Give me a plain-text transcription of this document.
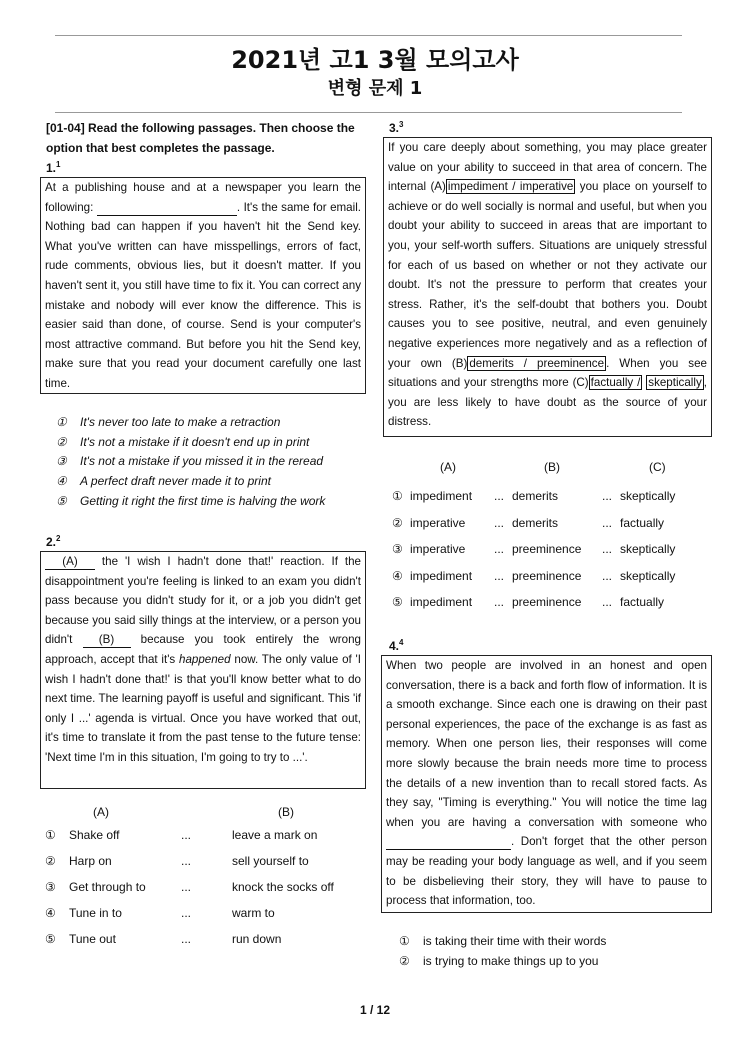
2021년 고1 3월 모의고사
변형 문제 1
[01-04] Read the following passages. Then choose the option that best completes the passage.
1.$^1$

At a publishing house and at a newspaper you learn the following:	. It's the same for email. Nothing bad can happen if you haven't hit the Send key. What you've written can have misspellings, errors of fact, rude comments, obvious lies, but it doesn't matter. If you haven't sent it, you still have time to fix it. You can correct any mistake and nobody will ever know the difference. This is easier said than done, of course. Send is your computer's most attractive command. But before you hit the Send key, make sure that you read your document carefully one last time.

2.$^2$

(A) the 'I wish I hadn't done that!' reaction. If the disappointment you're feeling is linked to an exam you didn't pass because you didn't study for it, or a job you didn't get because you said silly things at the interview, or a person you didn't (B) because you took entirely the wrong approach, accept that it's happened now. The only value of 'I wish I hadn't done that!' is that you'll know better what to do next time. The learning payoff is useful and significant. This 'if only I ...' agenda is virtual. Once you have worked that out, it's time to translate it from the past tense to the future tense: 'Next time I'm in this situation, I'm going to try to ...'.

3.$^3$

If you care deeply about something, you may place greater value on your ability to succeed in that area of concern. The internal (A) impediment / imperative you place on yourself to achieve or do well socially is normal and useful, but when you doubt your ability to succeed in areas that are important to you, your self-worth suffers. Situations are uniquely stressful for each of us based on whether or not they activate our doubt. It's not the pressure to perform that creates your stress. Rather, it's the self-doubt that bothers you. Doubt causes you to see positive, neutral, and even genuinely negative experiences more negatively and as a reflection of your own (B) demerits / preeminence . When you see situations and your strengths more (C) factually / skeptically , you are less likely to have doubt as the source of your distress.

4.$^4$

When two people are involved in an honest and open conversation, there is a back and forth flow of information. It is a smooth exchange. Since each one is drawing on their past personal experiences, the pace of the exchange is as fast as memory. When one person lies, their responses will come more slowly because the brain needs more time to process the details of a new invention than to recall stored facts. As they say, "Timing is everything." You will notice the time lag when you are having a conversation with someone who  . Don't forget that the other person may be reading your body language as well, and if you seem to be disbelieving their story, they will have to pause to process that information, too.

1 / 12
① It's never too late to make a retraction
② It's not a mistake if it doesn't end up in print
③ It's not a mistake if you missed it in the reread
④ A perfect draft never made it to print
⑤ Getting it right the first time is halving the work
(A)	(B)
① Shake off	...	leave a mark on
② Harp on	...	sell yourself to
③ Get through to	...	knock the socks off
④ Tune in to	...	warm to
⑤ Tune out	...	run down
(A)	(B)	(C)
① impediment ... demerits	... skeptically
② imperative ... demerits	... factually
③ imperative ... preeminence ... skeptically
④ impediment ... preeminence ... skeptically
⑤ impediment ... preeminence ... factually
① is taking their time with their words
② is trying to make things up to you
